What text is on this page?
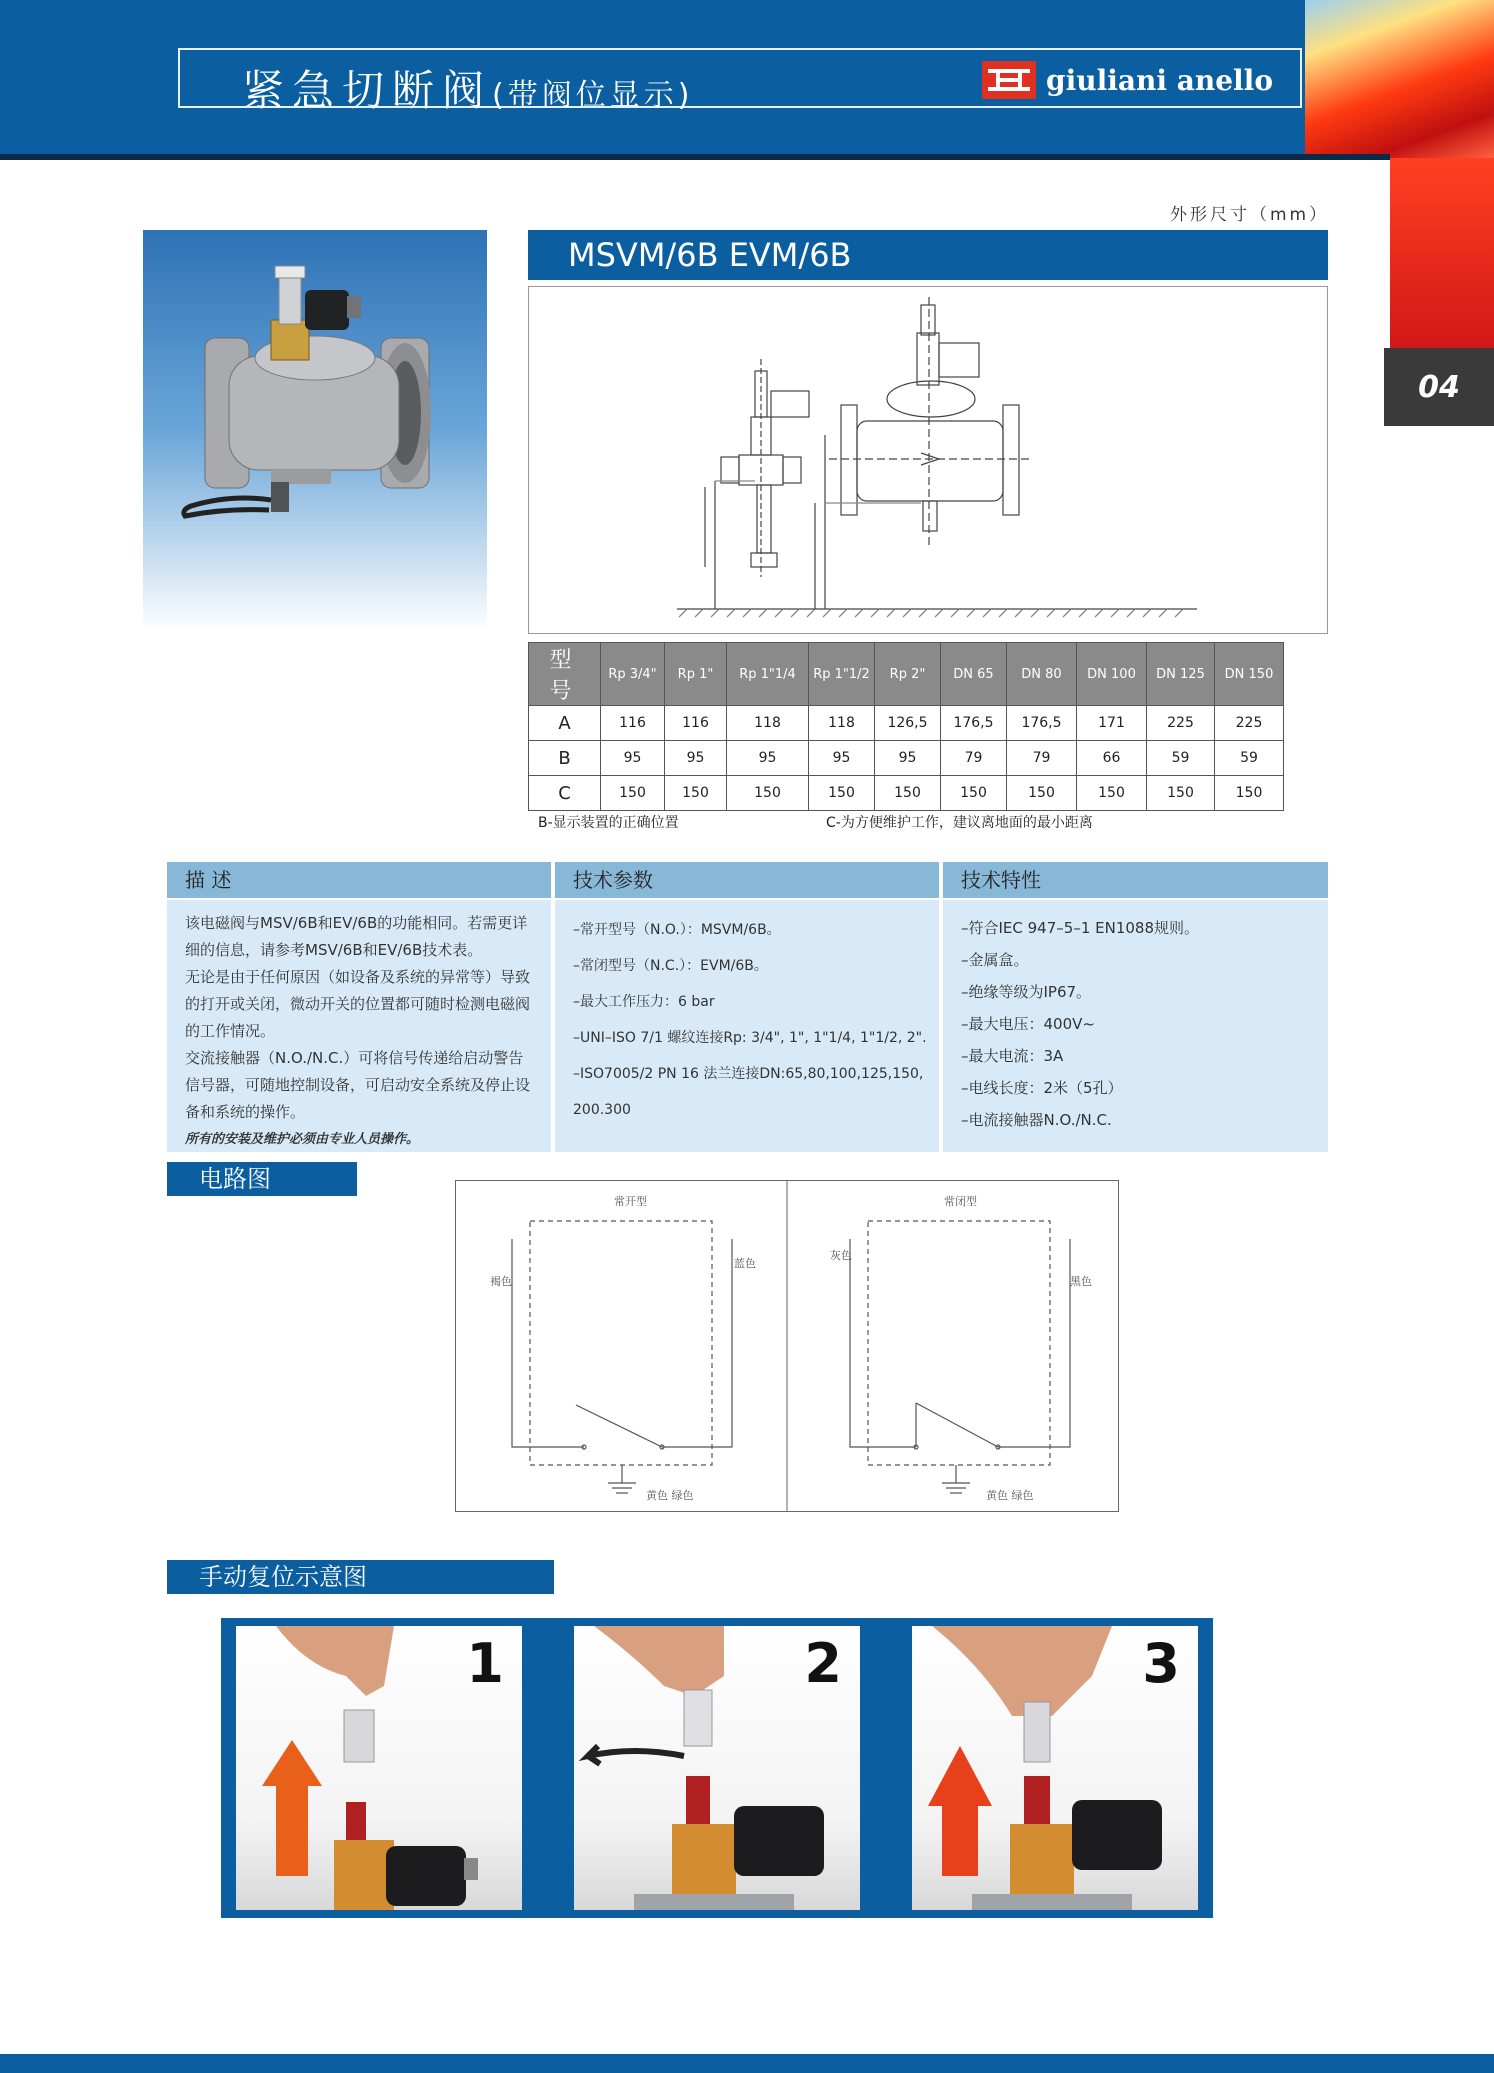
紧急切断阀(带阀位显示)	giuliani anello
04
外形尺寸（mm）
MSVM/6B EVM/6B
型 号	Rp 3/4"	Rp 1"	Rp 1"1/4	Rp 1"1/2	Rp 2"	DN 65	DN 80	DN 100	DN 125	DN 150
A	116	116	118	118	126,5	176,5	176,5	171	225	225
B	95	95	95	95	95	79	79	66	59	59
C	150	150	150	150	150	150	150	150	150	150
B-显示装置的正确位置	C-为方便维护工作，建议离地面的最小距离
描 述

该电磁阀与MSV/6B和EV/6B的功能相同。若需更详细的信息，请参考MSV/6B和EV/6B技术表。

无论是由于任何原因（如设备及系统的异常等）导致的打开或关闭，微动开关的位置都可随时检测电磁阀的工作情况。

交流接触器（N.O./N.C.）可将信号传递给启动警告信号器，可随地控制设备，可启动安全系统及停止设备和系统的操作。

所有的安装及维护必须由专业人员操作。

技术参数

–常开型号（N.O.）：MSVM/6B。

–常闭型号（N.C.）：EVM/6B。

–最大工作压力：6 bar

–UNI–ISO 7/1 螺纹连接Rp: 3/4", 1", 1"1/4, 1"1/2, 2".

–ISO7005/2 PN 16 法兰连接DN:65,80,100,125,150,

200.300

技术特性

–符合IEC 947–5–1 EN1088规则。

–金属盒。

–绝缘等级为IP67。

–最大电压：400V~

–最大电流：3A

–电线长度：2米（5孔）

–电流接触器N.O./N.C.

电路图
常开型	常闭型
褐色
蓝色
灰色
黑色
黄色 绿色	黄色 绿色
手动复位示意图
1	2	3
